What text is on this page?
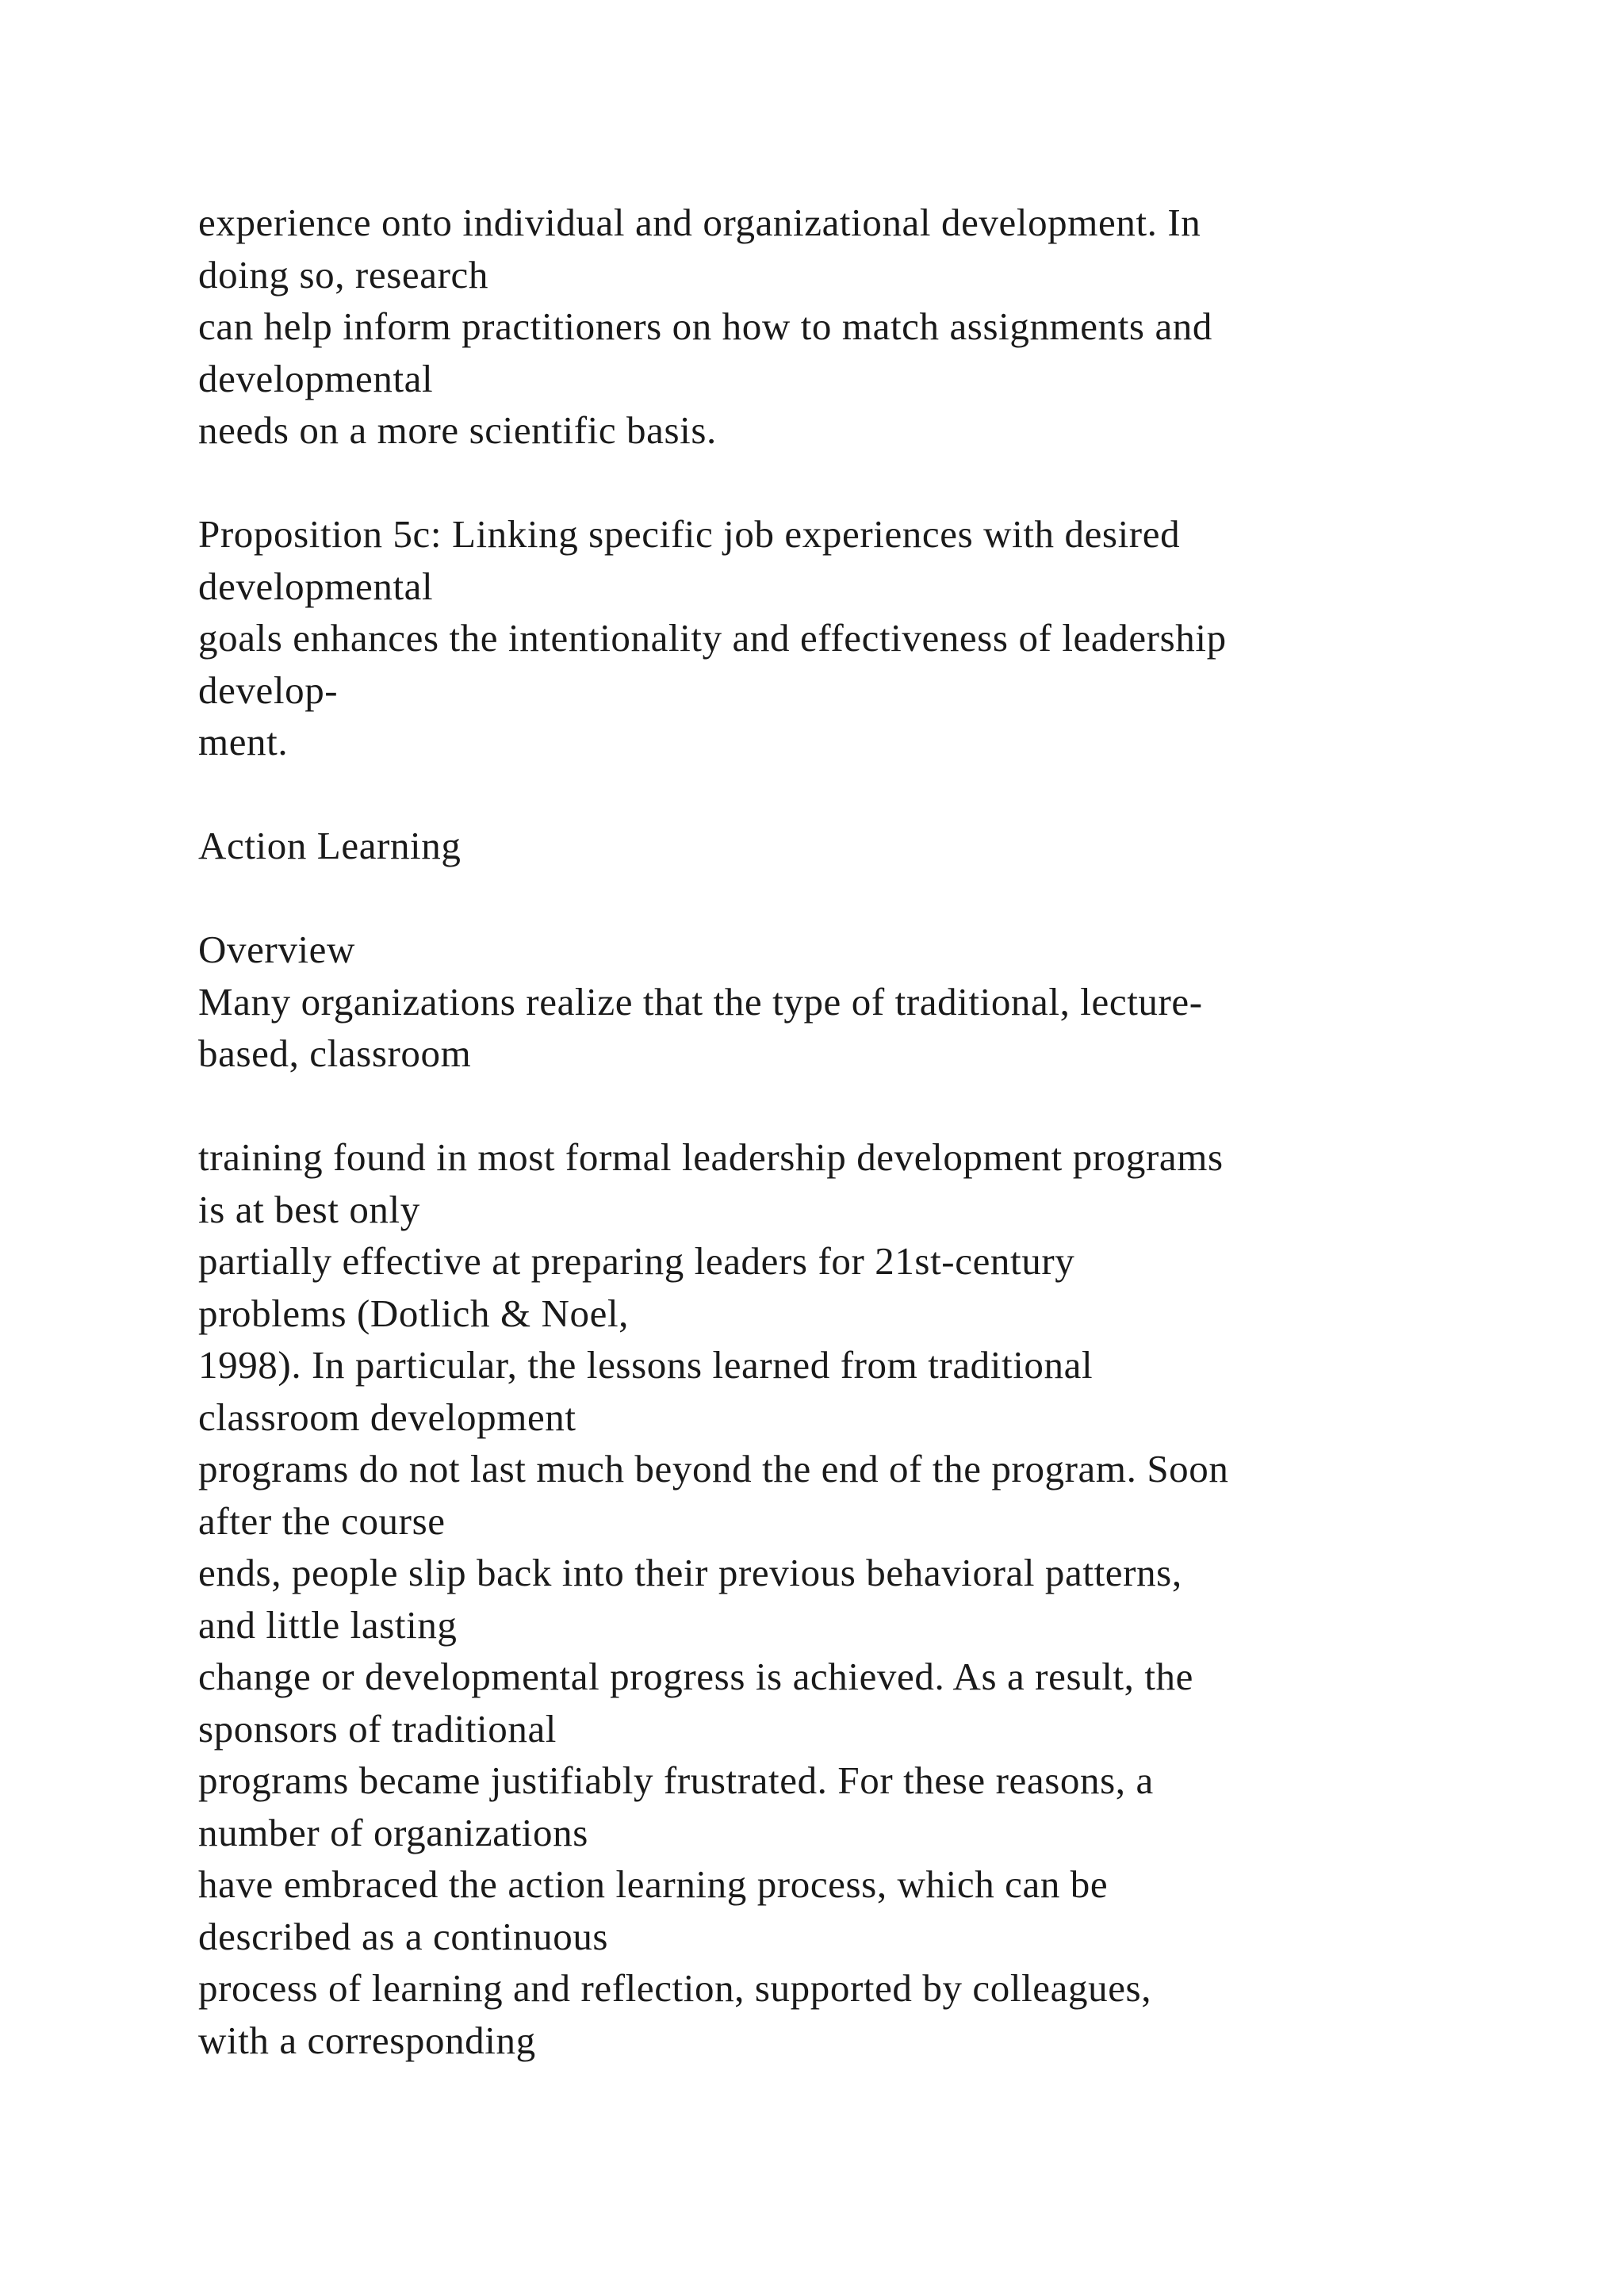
experience onto individual and organizational development. In
doing so, research
can help inform practitioners on how to match assignments and
developmental
needs on a more scientific basis.
Proposition 5c: Linking specific job experiences with desired
developmental
goals enhances the intentionality and effectiveness of leadership
develop-
ment.
Action Learning
Overview
Many organizations realize that the type of traditional, lecture-
based, classroom
training found in most formal leadership development programs
is at best only
partially effective at preparing leaders for 21st-century
problems (Dotlich & Noel,
1998). In particular, the lessons learned from traditional
classroom development
programs do not last much beyond the end of the program. Soon
after the course
ends, people slip back into their previous behavioral patterns,
and little lasting
change or developmental progress is achieved. As a result, the
sponsors of traditional
programs became justifiably frustrated. For these reasons, a
number of organizations
have embraced the action learning process, which can be
described as a continuous
process of learning and reflection, supported by colleagues,
with a corresponding
